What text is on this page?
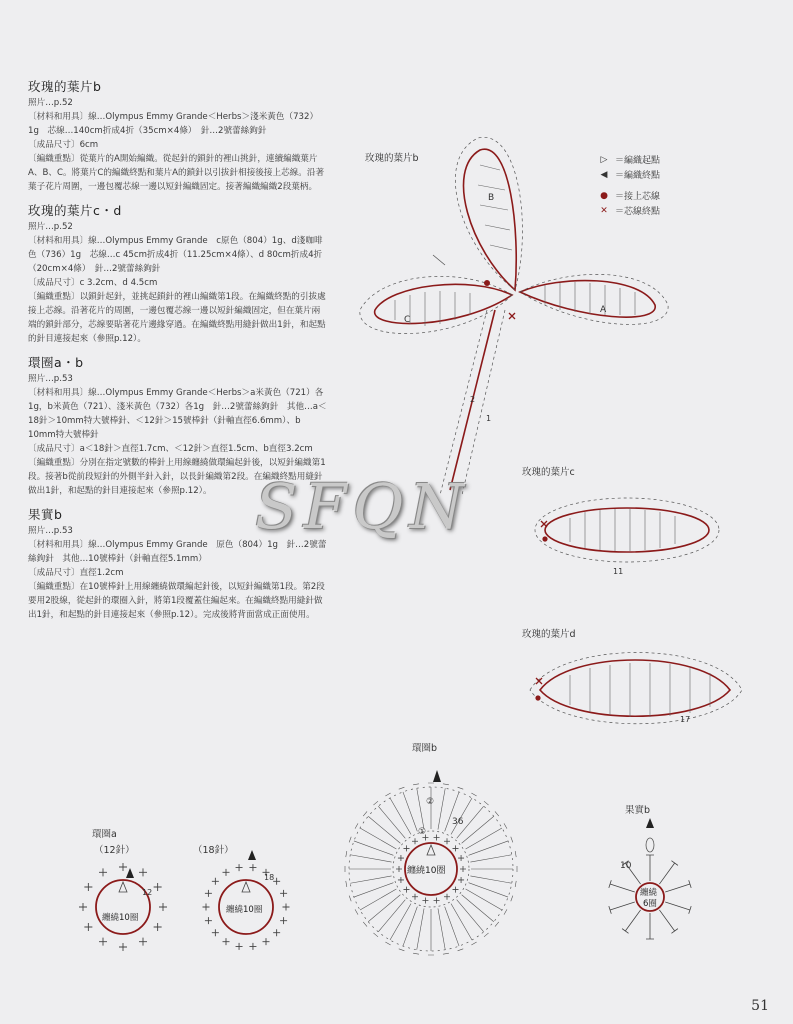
玫瑰的葉片b

照片…p.52

〔材料和用具〕線…Olympus Emmy Grande＜Herbs＞淺米黃色（732）1g　芯線…140cm折成4折（35cm×4條）　針…2號蕾絲鉤針

〔成品尺寸〕6cm

〔編織重點〕從葉片的A開始編織。從起針的鎖針的裡山挑針，連續編織葉片A、B、C。將葉片C的編織終點和葉片A的鎖針以引拔針相接後接上芯線。沿著葉子花片周圍，一邊包覆芯線一邊以短針編織固定。接著編織編織2段葉柄。

玫瑰的葉片c・d

照片…p.52

〔材料和用具〕線…Olympus Emmy Grande　c原色（804）1g、d淺咖啡色（736）1g　芯線…c 45cm折成4折（11.25cm×4條）、d 80cm折成4折（20cm×4條）　針…2號蕾絲鉤針

〔成品尺寸〕c 3.2cm、d 4.5cm

〔編織重點〕以鎖針起針，並挑起鎖針的裡山編織第1段。在編織終點的引拔處接上芯線。沿著花片的周圍，一邊包覆芯線一邊以短針編織固定，但在葉片兩端的鎖針部分，芯線要貼著花片邊緣穿過。在編織終點用縫針做出1針，和起點的針目連接起來（參照p.12）。

環圈a・b

照片…p.53

〔材料和用具〕線…Olympus Emmy Grande＜Herbs＞a米黃色（721）各1g，b米黃色（721）、淺米黃色（732）各1g　針…2號蕾絲鉤針　其他…a＜18針＞10mm特大號棒針、＜12針＞15號棒針（針軸直徑6.6mm）、b 10mm特大號棒針

〔成品尺寸〕a＜18針＞直徑1.7cm、＜12針＞直徑1.5cm、b直徑3.2cm

〔編織重點〕分別在指定號數的棒針上用線纏繞做環編起針後，以短針編織第1段。接著b從前段短針的外側半針入針，以長針編織第2段。在編織終點用縫針做出1針，和起點的針目連接起來（參照p.12）。

果實b

照片…p.53

〔材料和用具〕線…Olympus Emmy Grande　原色（804）1g　針…2號蕾絲鉤針　其他…10號棒針（針軸直徑5.1mm）

〔成品尺寸〕直徑1.2cm

〔編織重點〕在10號棒針上用線纏繞做環編起針後，以短針編織第1段。第2段要用2股線，從起針的環圈入針，將第1段覆蓋住編起來。在編織終點用縫針做出1針，和起點的針目連接起來（參照p.12）。完成後將背面當成正面使用。

▷ ＝編織起點
◀ ＝編織終點
● ＝接上芯線
✕ ＝芯線終點
玫瑰的葉片b
玫瑰的葉片c
玫瑰的葉片d
環圈b
環圈a
（12針）	（18針）
果實b
B
A
C
2
1
11
17
纏繞10圈
36
②
①
纏繞10圈
12
纏繞10圈
18
纏繞
6圈
10
SFQN
51
